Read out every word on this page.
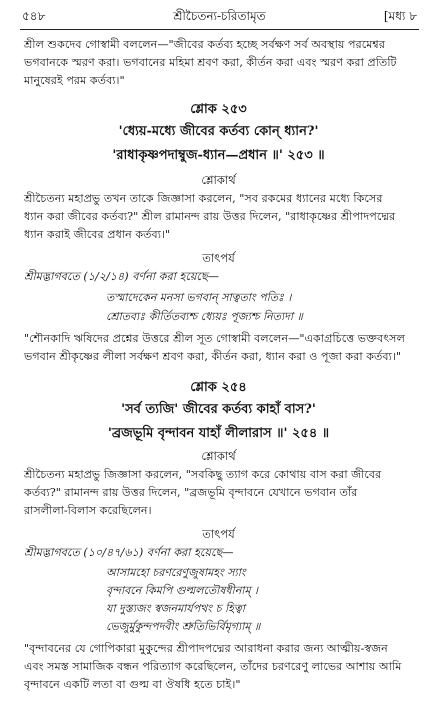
৫৪৮	শ্রীচৈতন্য-চরিতামৃত	[মধ্য ৮
শ্রীল শুকদেব গোস্বামী বললেন—"জীবের কর্তব্য হচ্ছে সর্বক্ষণ সর্ব অবস্থায় পরমেশ্বর
ভগবানকে স্মরণ করা। ভগবানের মহিমা শ্রবণ করা, কীর্তন করা এবং স্মরণ করা প্রতিটি
মানুষেরই পরম কর্তব্য।"
শ্লোক ২৫৩
'ধ্যেয়-মধ্যে জীবের কর্তব্য কোন্ ধ্যান?'
'রাধাকৃষ্ণপদাম্বুজ-ধ্যান—প্রধান ॥' ২৫৩ ॥
শ্লোকার্থ
শ্রীচৈতন্য মহাপ্রভু তখন তাকে জিজ্ঞাসা করলেন, "সব রকমের ধ্যানের মধ্যে কিসের
ধ্যান করা জীবের কর্তব্য?" শ্রীল রামানন্দ রায় উত্তর দিলেন, "রাধাকৃষ্ণের শ্রীপাদপদ্মের
ধ্যান করাই জীবের প্রধান কর্তব্য।"
তাৎপর্য
শ্রীমদ্ভাগবতে (১/২/১৪) বর্ণনা করা হয়েছে—
তস্মাদেকেন মনসা ভগবান্ সাত্বতাং পতিঃ ।
শ্রোতব্যঃ কীর্তিতব্যশ্চ ধ্যেয়ঃ পূজ্যশ্চ নিত্যদা ॥
"শৌনকাদি ঋষিদের প্রশ্নের উত্তরে শ্রীল সূত গোস্বামী বললেন—"একাগ্রচিত্তে ভক্তবৎসল
ভগবান শ্রীকৃষ্ণের লীলা সর্বক্ষণ শ্রবণ করা, কীর্তন করা, ধ্যান করা ও পূজা করা কর্তব্য।"
শ্লোক ২৫৪
'সর্ব ত্যজি' জীবের কর্তব্য কাহাঁ বাস?'
'ব্রজভূমি বৃন্দাবন যাহাঁ লীলারাস ॥' ২৫৪ ॥
শ্লোকার্থ
শ্রীচৈতন্য মহাপ্রভু জিজ্ঞাসা করলেন, "সবকিছু ত্যাগ করে কোথায় বাস করা জীবের
কর্তব্য?" রামানন্দ রায় উত্তর দিলেন, "ব্রজভূমি বৃন্দাবনে যেখানে ভগবান তাঁর
রাসলীলা-বিলাস করেছিলেন।
তাৎপর্য
শ্রীমদ্ভাগবতে (১০/৪৭/৬১) বর্ণনা করা হয়েছে—
আসামহো চরণরেণুজুষামহং স্যাং
বৃন্দাবনে কিমপি গুল্মলতৌষধীনাম্ ।
যা দুস্ত্যজং স্বজনমার্যপথং চ হিত্বা
ভেজুর্মুকুন্দপদবীং শ্রুতিভির্বিমৃগ্যাম্ ॥
"বৃন্দাবনের যে গোপিকারা মুকুন্দের শ্রীপাদপদ্মের আরাধনা করার জন্য আত্মীয়-স্বজন
এবং সমস্ত সামাজিক বন্ধন পরিত্যাগ করেছিলেন, তাঁদের চরণরেণু লাভের আশায় আমি
বৃন্দাবনে একটি লতা বা গুল্ম বা ঔষধি হতে চাই।"
